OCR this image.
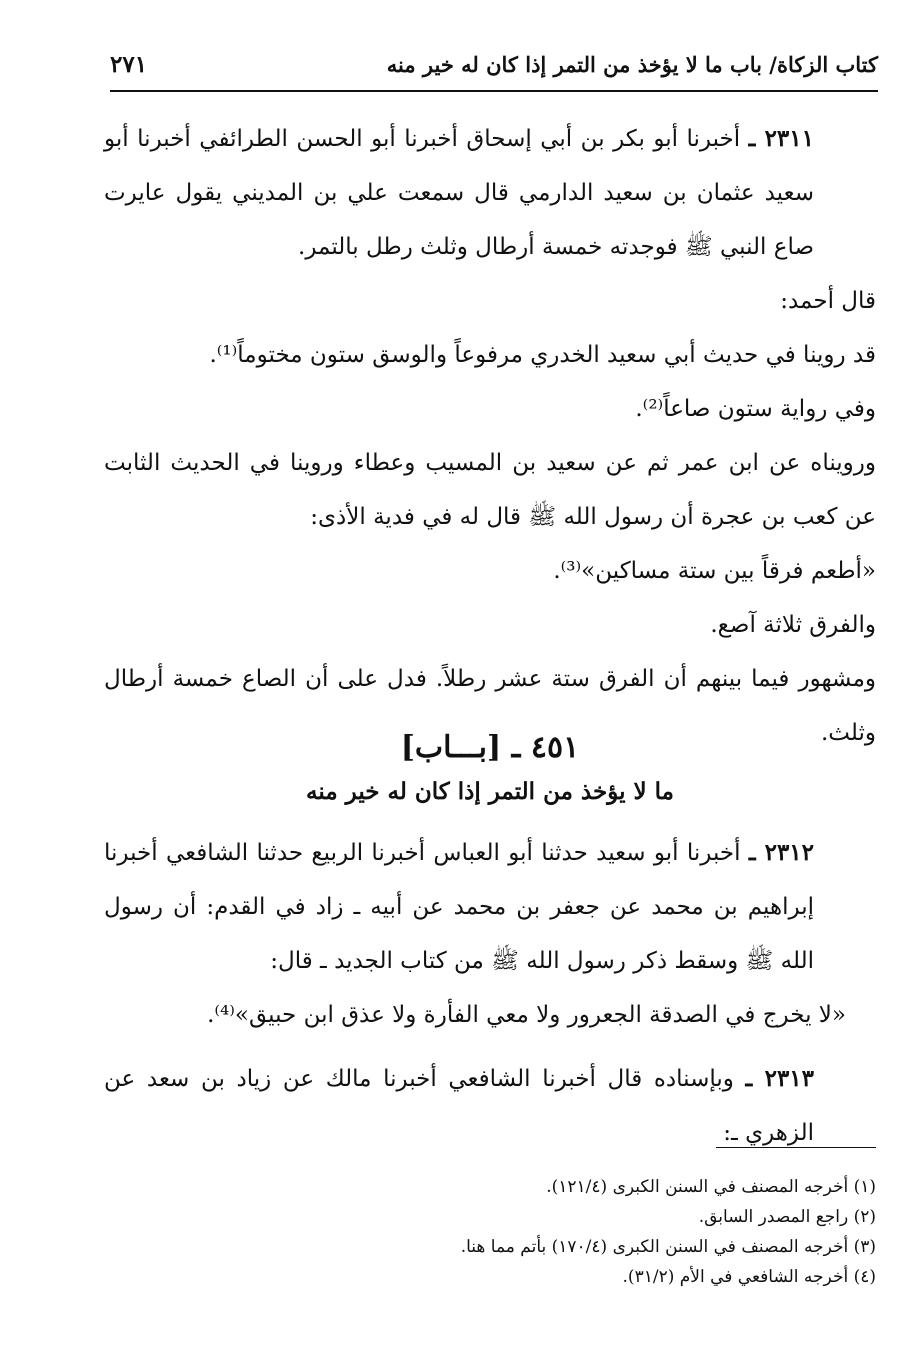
كتاب الزكاة/ باب ما لا يؤخذ من التمر إذا كان له خير منه
٢٧١

٢٣١١ ـ أخبرنا أبو بكر بن أبي إسحاق أخبرنا أبو الحسن الطرائفي أخبرنا أبو سعيد عثمان بن سعيد الدارمي قال سمعت علي بن المديني يقول عايرت صاع النبي ﷺ فوجدته خمسة أرطال وثلث رطل بالتمر.

قال أحمد:

قد روينا في حديث أبي سعيد الخدري مرفوعاً والوسق ستون مختوماً⁽¹⁾.

وفي رواية ستون صاعاً⁽²⁾.

ورويناه عن ابن عمر ثم عن سعيد بن المسيب وعطاء وروينا في الحديث الثابت عن كعب بن عجرة أن رسول الله ﷺ قال له في فدية الأذى:

«أطعم فرقاً بين ستة مساكين»⁽³⁾.

والفرق ثلاثة آصع.

ومشهور فيما بينهم أن الفرق ستة عشر رطلاً. فدل على أن الصاع خمسة أرطال وثلث.

٤٥١ ـ [بـــاب]
ما لا يؤخذ من التمر إذا كان له خير منه

٢٣١٢ ـ أخبرنا أبو سعيد حدثنا أبو العباس أخبرنا الربيع حدثنا الشافعي أخبرنا إبراهيم بن محمد عن جعفر بن محمد عن أبيه ـ زاد في القدم: أن رسول الله ﷺ وسقط ذكر رسول الله ﷺ من كتاب الجديد ـ قال:

«لا يخرج في الصدقة الجعرور ولا معي الفأرة ولا عذق ابن حبيق»⁽⁴⁾.

٢٣١٣ ـ وبإسناده قال أخبرنا الشافعي أخبرنا مالك عن زياد بن سعد عن الزهري ـ:

(١) أخرجه المصنف في السنن الكبرى (١٢١/٤).
(٢) راجع المصدر السابق.
(٣) أخرجه المصنف في السنن الكبرى (١٧٠/٤) بأتم مما هنا.
(٤) أخرجه الشافعي في الأم (٣١/٢).
